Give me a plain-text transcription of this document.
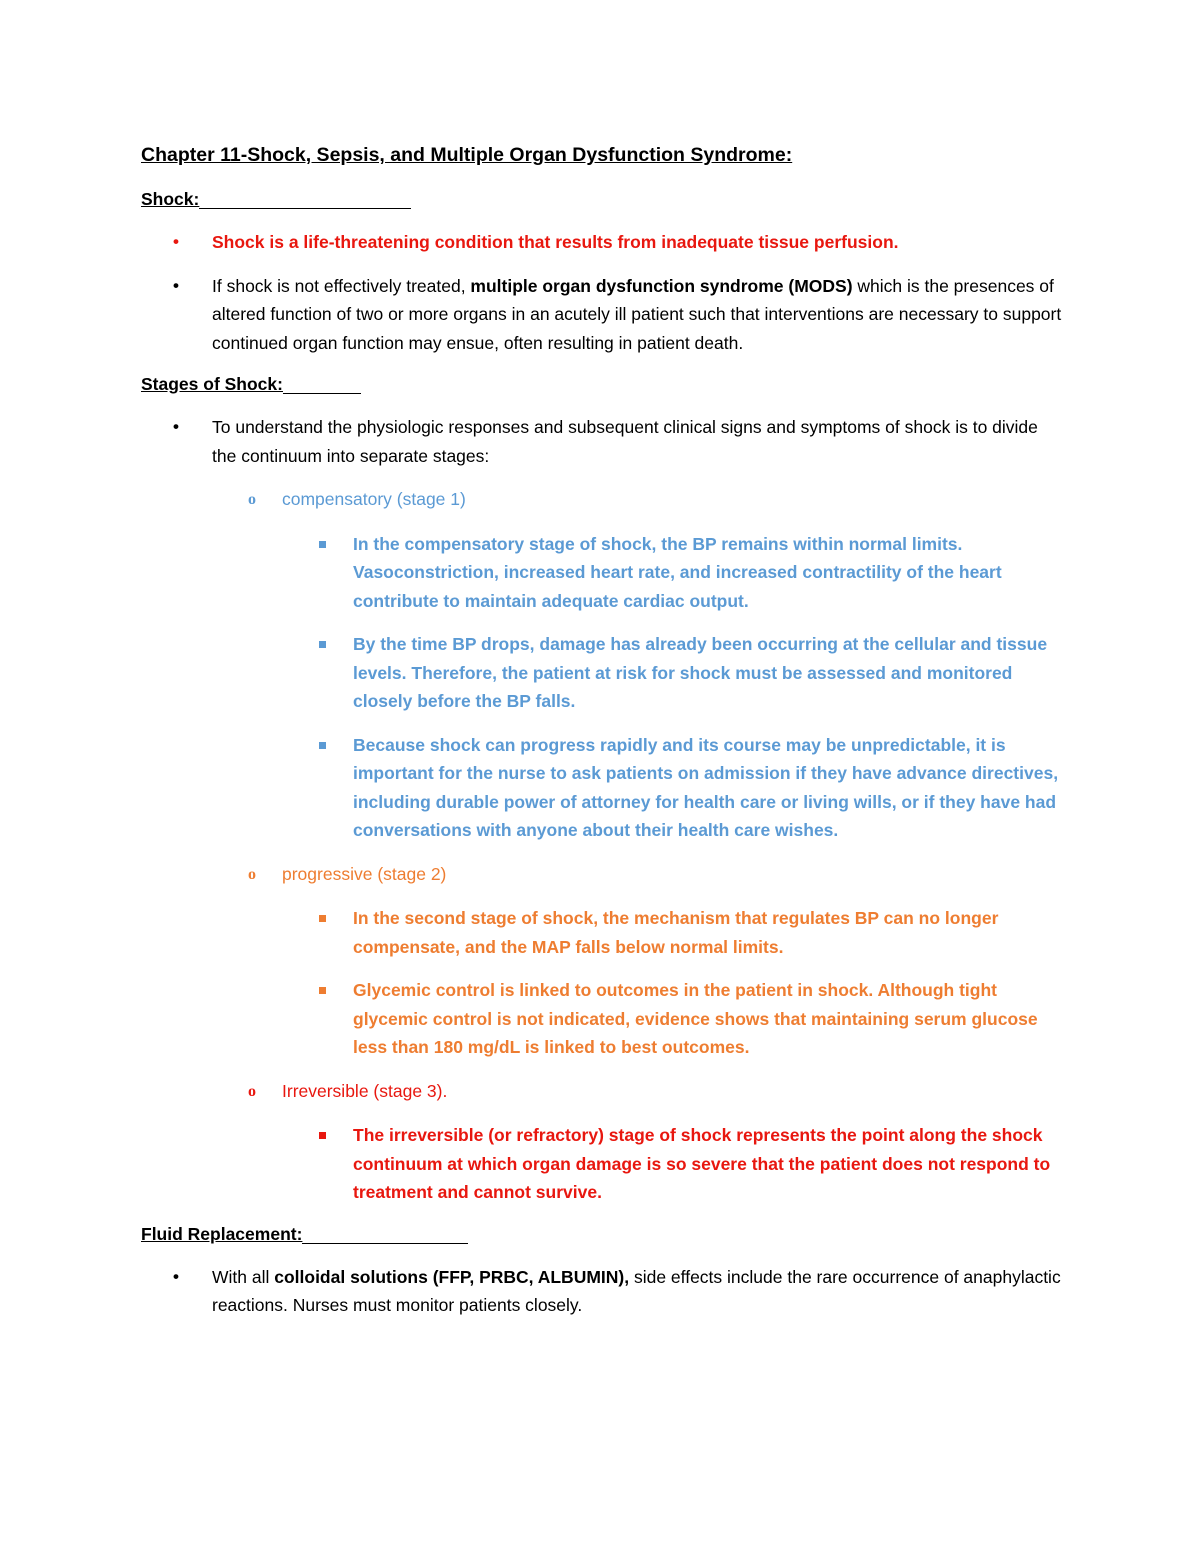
Chapter 11-Shock, Sepsis, and Multiple Organ Dysfunction Syndrome:
Shock:
• Shock is a life-threatening condition that results from inadequate tissue perfusion.
• If shock is not effectively treated, multiple organ dysfunction syndrome (MODS) which is the presences of altered function of two or more organs in an acutely ill patient such that interventions are necessary to support continued organ function may ensue, often resulting in patient death.
Stages of Shock:
• To understand the physiologic responses and subsequent clinical signs and symptoms of shock is to divide the continuum into separate stages:
o compensatory (stage 1)
In the compensatory stage of shock, the BP remains within normal limits. Vasoconstriction, increased heart rate, and increased contractility of the heart contribute to maintain adequate cardiac output.
By the time BP drops, damage has already been occurring at the cellular and tissue levels. Therefore, the patient at risk for shock must be assessed and monitored closely before the BP falls.
Because shock can progress rapidly and its course may be unpredictable, it is important for the nurse to ask patients on admission if they have advance directives, including durable power of attorney for health care or living wills, or if they have had conversations with anyone about their health care wishes.
o progressive (stage 2)
In the second stage of shock, the mechanism that regulates BP can no longer compensate, and the MAP falls below normal limits.
Glycemic control is linked to outcomes in the patient in shock. Although tight glycemic control is not indicated, evidence shows that maintaining serum glucose less than 180 mg/dL is linked to best outcomes.
o Irreversible (stage 3).
The irreversible (or refractory) stage of shock represents the point along the shock continuum at which organ damage is so severe that the patient does not respond to treatment and cannot survive.
Fluid Replacement:
• With all colloidal solutions (FFP, PRBC, ALBUMIN), side effects include the rare occurrence of anaphylactic reactions. Nurses must monitor patients closely.
